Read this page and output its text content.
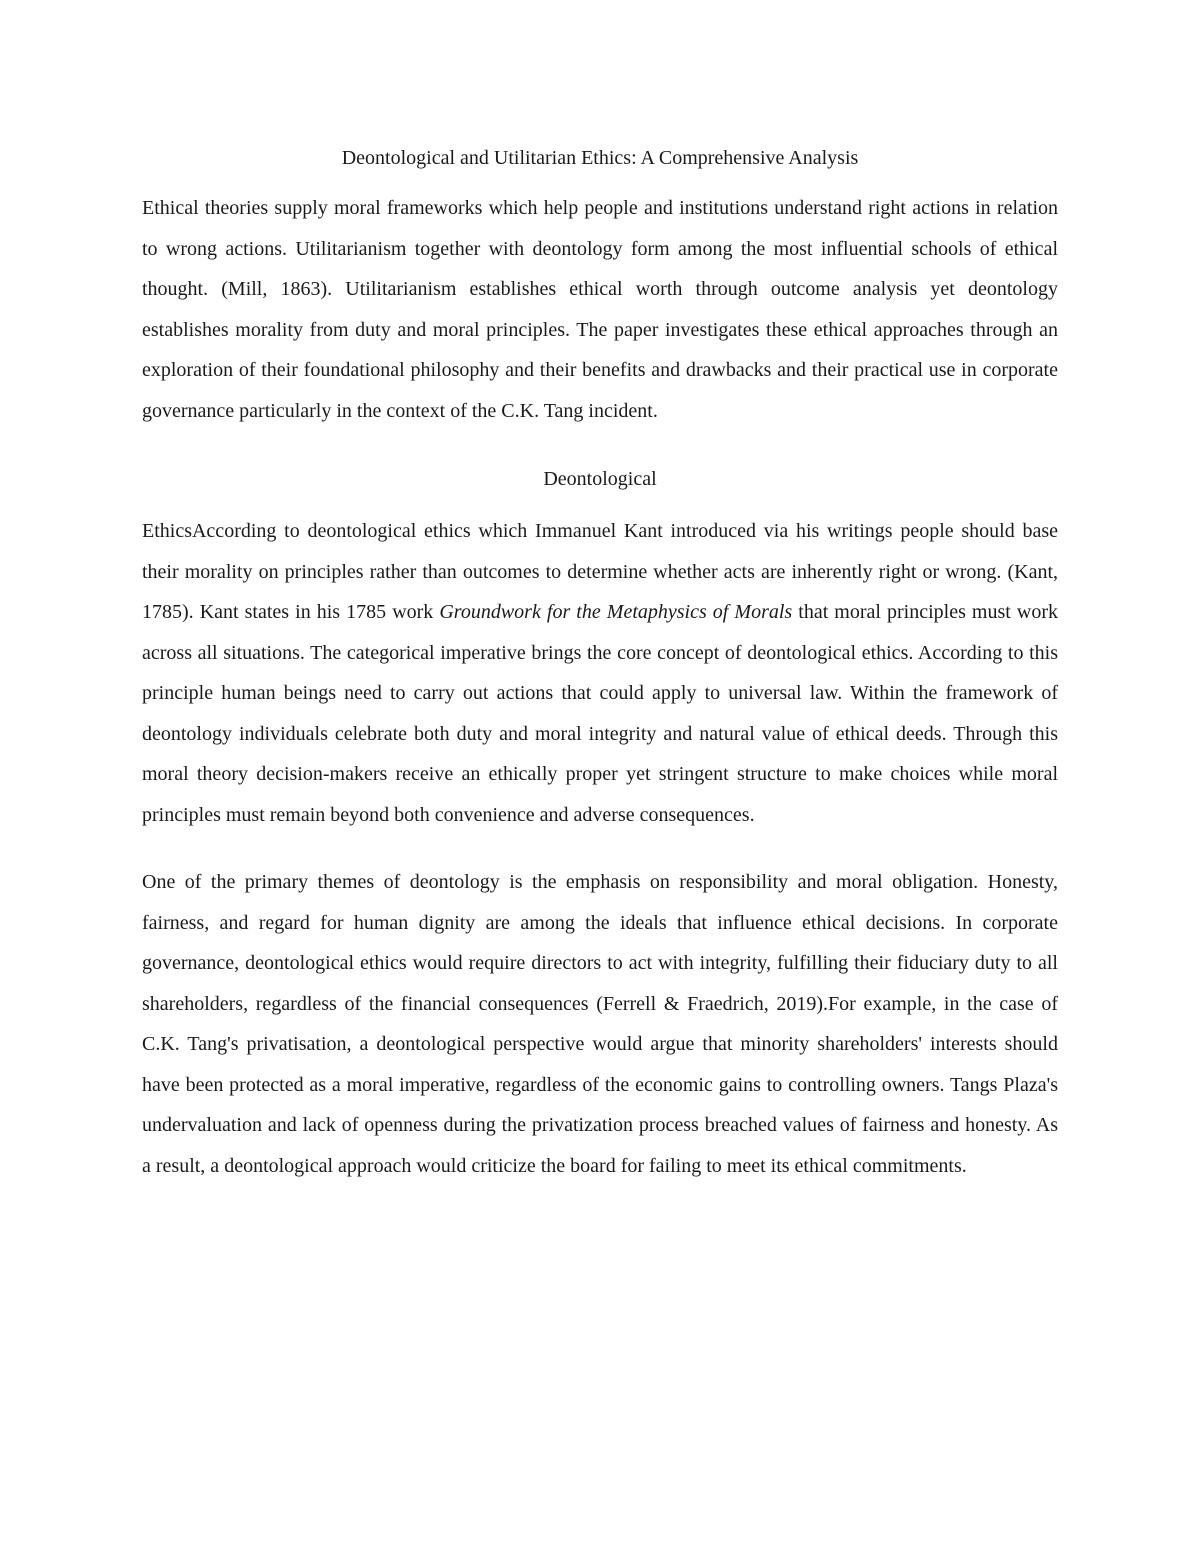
Deontological and Utilitarian Ethics: A Comprehensive Analysis

Ethical theories supply moral frameworks which help people and institutions understand right actions in relation to wrong actions. Utilitarianism together with deontology form among the most influential schools of ethical thought. (Mill, 1863). Utilitarianism establishes ethical worth through outcome analysis yet deontology establishes morality from duty and moral principles. The paper investigates these ethical approaches through an exploration of their foundational philosophy and their benefits and drawbacks and their practical use in corporate governance particularly in the context of the C.K. Tang incident.

Deontological

EthicsAccording to deontological ethics which Immanuel Kant introduced via his writings people should base their morality on principles rather than outcomes to determine whether acts are inherently right or wrong. (Kant, 1785). Kant states in his 1785 work Groundwork for the Metaphysics of Morals that moral principles must work across all situations. The categorical imperative brings the core concept of deontological ethics. According to this principle human beings need to carry out actions that could apply to universal law. Within the framework of deontology individuals celebrate both duty and moral integrity and natural value of ethical deeds. Through this moral theory decision-makers receive an ethically proper yet stringent structure to make choices while moral principles must remain beyond both convenience and adverse consequences.

One of the primary themes of deontology is the emphasis on responsibility and moral obligation. Honesty, fairness, and regard for human dignity are among the ideals that influence ethical decisions. In corporate governance, deontological ethics would require directors to act with integrity, fulfilling their fiduciary duty to all shareholders, regardless of the financial consequences (Ferrell & Fraedrich, 2019).For example, in the case of C.K. Tang's privatisation, a deontological perspective would argue that minority shareholders' interests should have been protected as a moral imperative, regardless of the economic gains to controlling owners. Tangs Plaza's undervaluation and lack of openness during the privatization process breached values of fairness and honesty. As a result, a deontological approach would criticize the board for failing to meet its ethical commitments.
